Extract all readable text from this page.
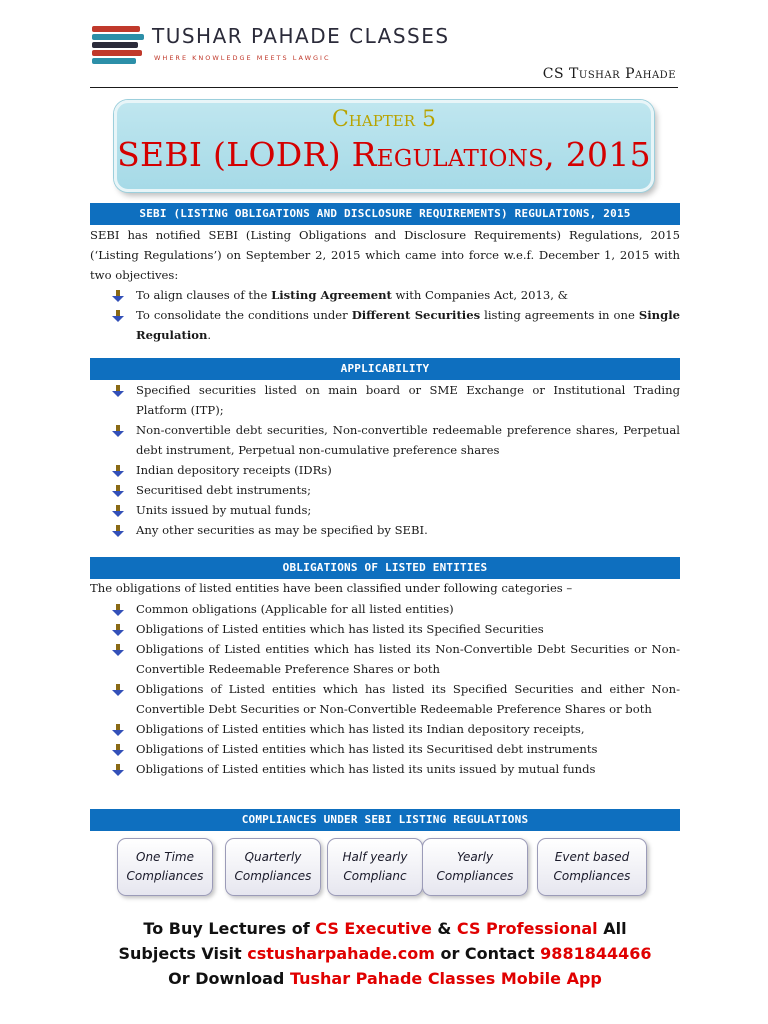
TUSHAR PAHADE CLASSES
WHERE KNOWLEDGE MEETS LAWGIC
CS Tushar Pahade
Chapter 5
SEBI (LODR) Regulations, 2015
SEBI (LISTING OBLIGATIONS AND DISCLOSURE REQUIREMENTS) REGULATIONS, 2015
SEBI has notified SEBI (Listing Obligations and Disclosure Requirements) Regulations, 2015 (‘Listing Regulations’) on September 2, 2015 which came into force w.e.f. December 1, 2015 with two objectives:
To align clauses of the Listing Agreement with Companies Act, 2013, &
To consolidate the conditions under Different Securities listing agreements in one Single Regulation.
APPLICABILITY
Specified securities listed on main board or SME Exchange or Institutional Trading Platform (ITP);
Non-convertible debt securities, Non-convertible redeemable preference shares, Perpetual debt instrument, Perpetual non-cumulative preference shares
Indian depository receipts (IDRs)
Securitised debt instruments;
Units issued by mutual funds;
Any other securities as may be specified by SEBI.
OBLIGATIONS OF LISTED ENTITIES
The obligations of listed entities have been classified under following categories –
Common obligations (Applicable for all listed entities)
Obligations of Listed entities which has listed its Specified Securities
Obligations of Listed entities which has listed its Non-Convertible Debt Securities or Non-Convertible Redeemable Preference Shares or both
Obligations of Listed entities which has listed its Specified Securities and either Non-Convertible Debt Securities or Non-Convertible Redeemable Preference Shares or both
Obligations of Listed entities which has listed its Indian depository receipts,
Obligations of Listed entities which has listed its Securitised debt instruments
Obligations of Listed entities which has listed its units issued by mutual funds
COMPLIANCES UNDER SEBI LISTING REGULATIONS
One Time Compliances
Quarterly Compliances
Half yearly Complianc
Yearly Compliances
Event based Compliances
To Buy Lectures of CS Executive & CS Professional All
Subjects Visit cstusharpahade.com or Contact 9881844466
Or Download Tushar Pahade Classes Mobile App
